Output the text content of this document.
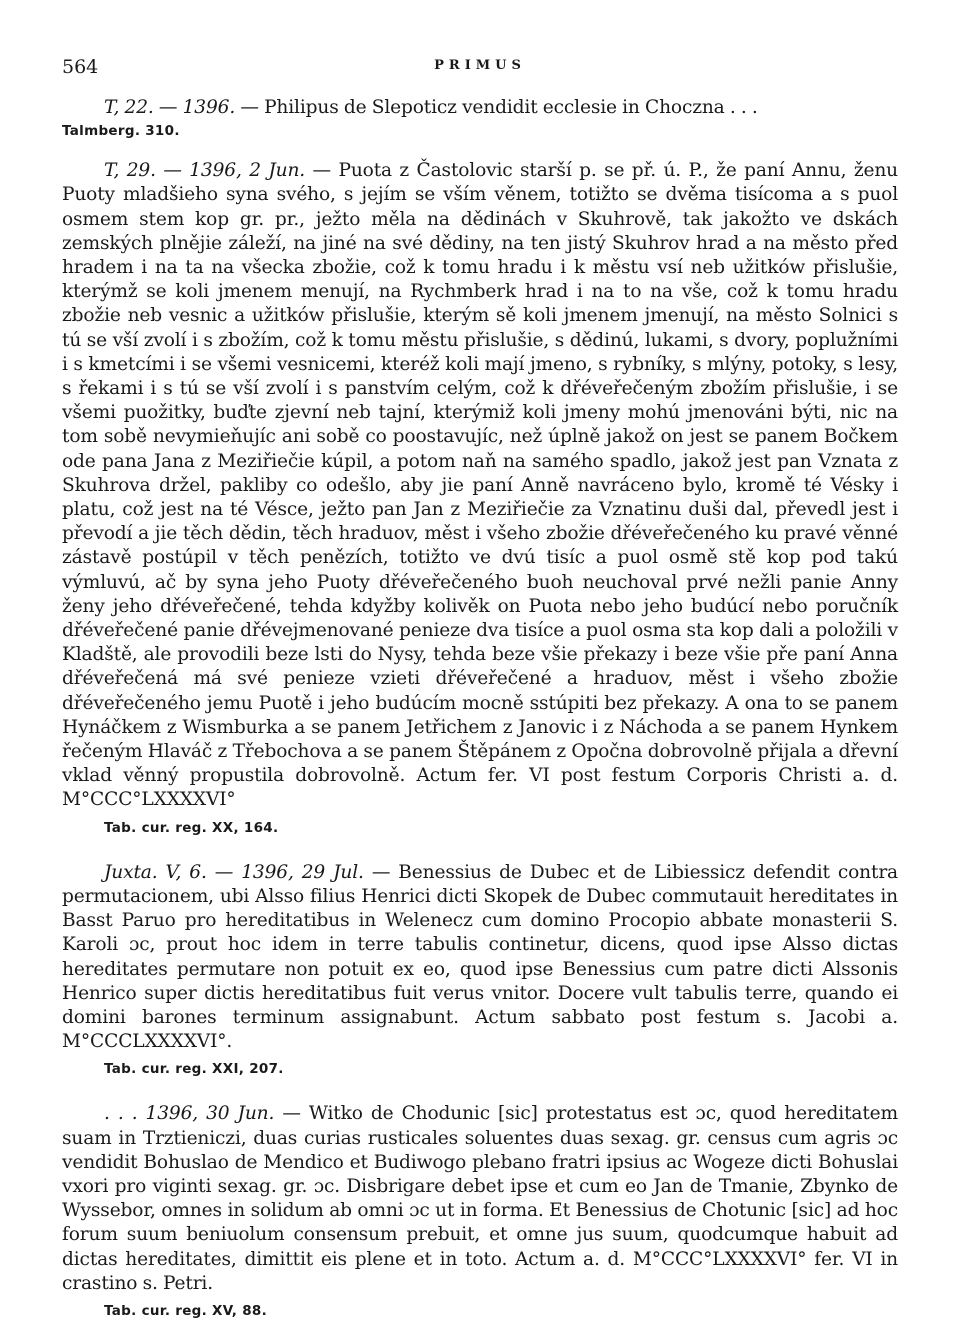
564	PRIMUS

T, 22. — 1396. — Philipus de Slepoticz vendidit ecclesie in Choczna . . .

Talmberg. 310.

T, 29. — 1396, 2 Jun. — Puota z Častolovic starší p. se př. ú. P., že paní Annu, ženu Puoty mladšieho syna svého, s jejím se vším věnem, totižto se dvěma tisícoma a s puol osmem stem kop gr. pr., ježto měla na dědinách v Skuhrově, tak jakožto ve dskách zemských plnějie záleží, na jiné na své dědiny, na ten jistý Skuhrov hrad a na město před hradem i na ta na všecka zbožie, což k tomu hradu i k městu vsí neb užitków přislušie, kterýmž se koli jmenem menují, na Rychmberk hrad i na to na vše, což k tomu hradu zbožie neb vesnic a užitków přislušie, kterým sě koli jmenem jmenují, na město Solnici s tú se vší zvolí i s zbožím, což k tomu městu přislušie, s dědinú, lukami, s dvory, poplužními i s kmetcími i se všemi vesnicemi, kteréž koli mají jmeno, s rybníky, s mlýny, potoky, s lesy, s řekami i s tú se vší zvolí i s panstvím celým, což k dřéveřečeným zbožím přislušie, i se všemi puožitky, buďte zjevní neb tajní, kterýmiž koli jmeny mohú jmenováni býti, nic na tom sobě nevymieňujíc ani sobě co poostavujíc, než úplně jakož on jest se panem Bočkem ode pana Jana z Meziřiečie kúpil, a potom naň na samého spadlo, jakož jest pan Vznata z Skuhrova držel, pakliby co odešlo, aby jie paní Anně navráceno bylo, kromě té Vésky i platu, což jest na té Vésce, ježto pan Jan z Meziřiečie za Vznatinu duši dal, převedl jest i převodí a jie těch dědin, těch hraduov, měst i všeho zbožie dřéveřečeného ku pravé věnné zástavě postúpil v těch penězích, totižto ve dvú tisíc a puol osmě stě kop pod takú výmluvú, ač by syna jeho Puoty dřéveřečeného buoh neuchoval prvé nežli panie Anny ženy jeho dřéveřečené, tehda kdyžby kolivěk on Puota nebo jeho budúcí nebo poručník dřéveřečené panie dřévejmenované penieze dva tisíce a puol osma sta kop dali a položili v Kladště, ale provodili beze lsti do Nysy, tehda beze všie překazy i beze všie pře paní Anna dřéveřečená má své penieze vzieti dřéveřečené a hraduov, měst i všeho zbožie dřéveřečeného jemu Puotě i jeho budúcím mocně sstúpiti bez překazy. A ona to se panem Hynáčkem z Wismburka a se panem Jetřichem z Janovic i z Náchoda a se panem Hynkem řečeným Hlaváč z Třebochova a se panem Štěpánem z Opočna dobrovolně přijala a dřevní vklad věnný propustila dobrovolně. Actum fer. VI post festum Corporis Christi a. d. M°CCC°LXXXXVI°

Tab. cur. reg. XX, 164.

Juxta. V, 6. — 1396, 29 Jul. — Benessius de Dubec et de Libiessicz defendit contra permutacionem, ubi Alsso filius Henrici dicti Skopek de Dubec commutauit hereditates in Basst Paruo pro hereditatibus in Welenecz cum domino Procopio abbate monasterii S. Karoli ɔc, prout hoc idem in terre tabulis continetur, dicens, quod ipse Alsso dictas hereditates permutare non potuit ex eo, quod ipse Benessius cum patre dicti Alssonis Henrico super dictis hereditatibus fuit verus vnitor. Docere vult tabulis terre, quando ei domini barones terminum assignabunt. Actum sabbato post festum s. Jacobi a. M°CCCLXXXXVI°.

Tab. cur. reg. XXI, 207.

. . . 1396, 30 Jun. — Witko de Chodunic [sic] protestatus est ɔc, quod hereditatem suam in Trztieniczi, duas curias rusticales soluentes duas sexag. gr. census cum agris ɔc vendidit Bohuslao de Mendico et Budiwogo plebano fratri ipsius ac Wogeze dicti Bohuslai vxori pro viginti sexag. gr. ɔc. Disbrigare debet ipse et cum eo Jan de Tmanie, Zbynko de Wyssebor, omnes in solidum ab omni ɔc ut in forma. Et Benessius de Chotunic [sic] ad hoc forum suum beniuolum consensum prebuit, et omne jus suum, quodcumque habuit ad dictas hereditates, dimittit eis plene et in toto. Actum a. d. M°CCC°LXXXXVI° fer. VI in crastino s. Petri.

Tab. cur. reg. XV, 88.
